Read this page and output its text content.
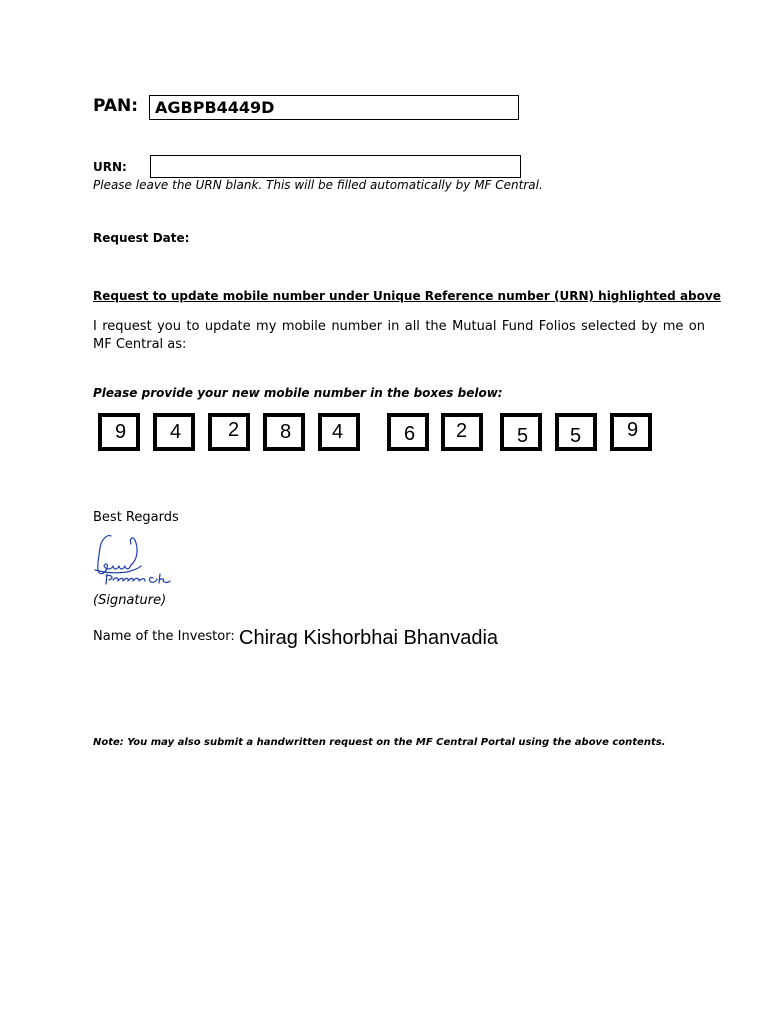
PAN: AGBPB4449D
URN:
Please leave the URN blank. This will be filled automatically by MF Central.
Request Date:
Request to update mobile number under Unique Reference number (URN) highlighted above
I request you to update my mobile number in all the Mutual Fund Folios selected by me on MF Central as:
Please provide your new mobile number in the boxes below:
9 4 2 8 4	6 2 5 5 9
Best Regards
(Signature)
Name of the Investor: Chirag Kishorbhai Bhanvadia
Note: You may also submit a handwritten request on the MF Central Portal using the above contents.
